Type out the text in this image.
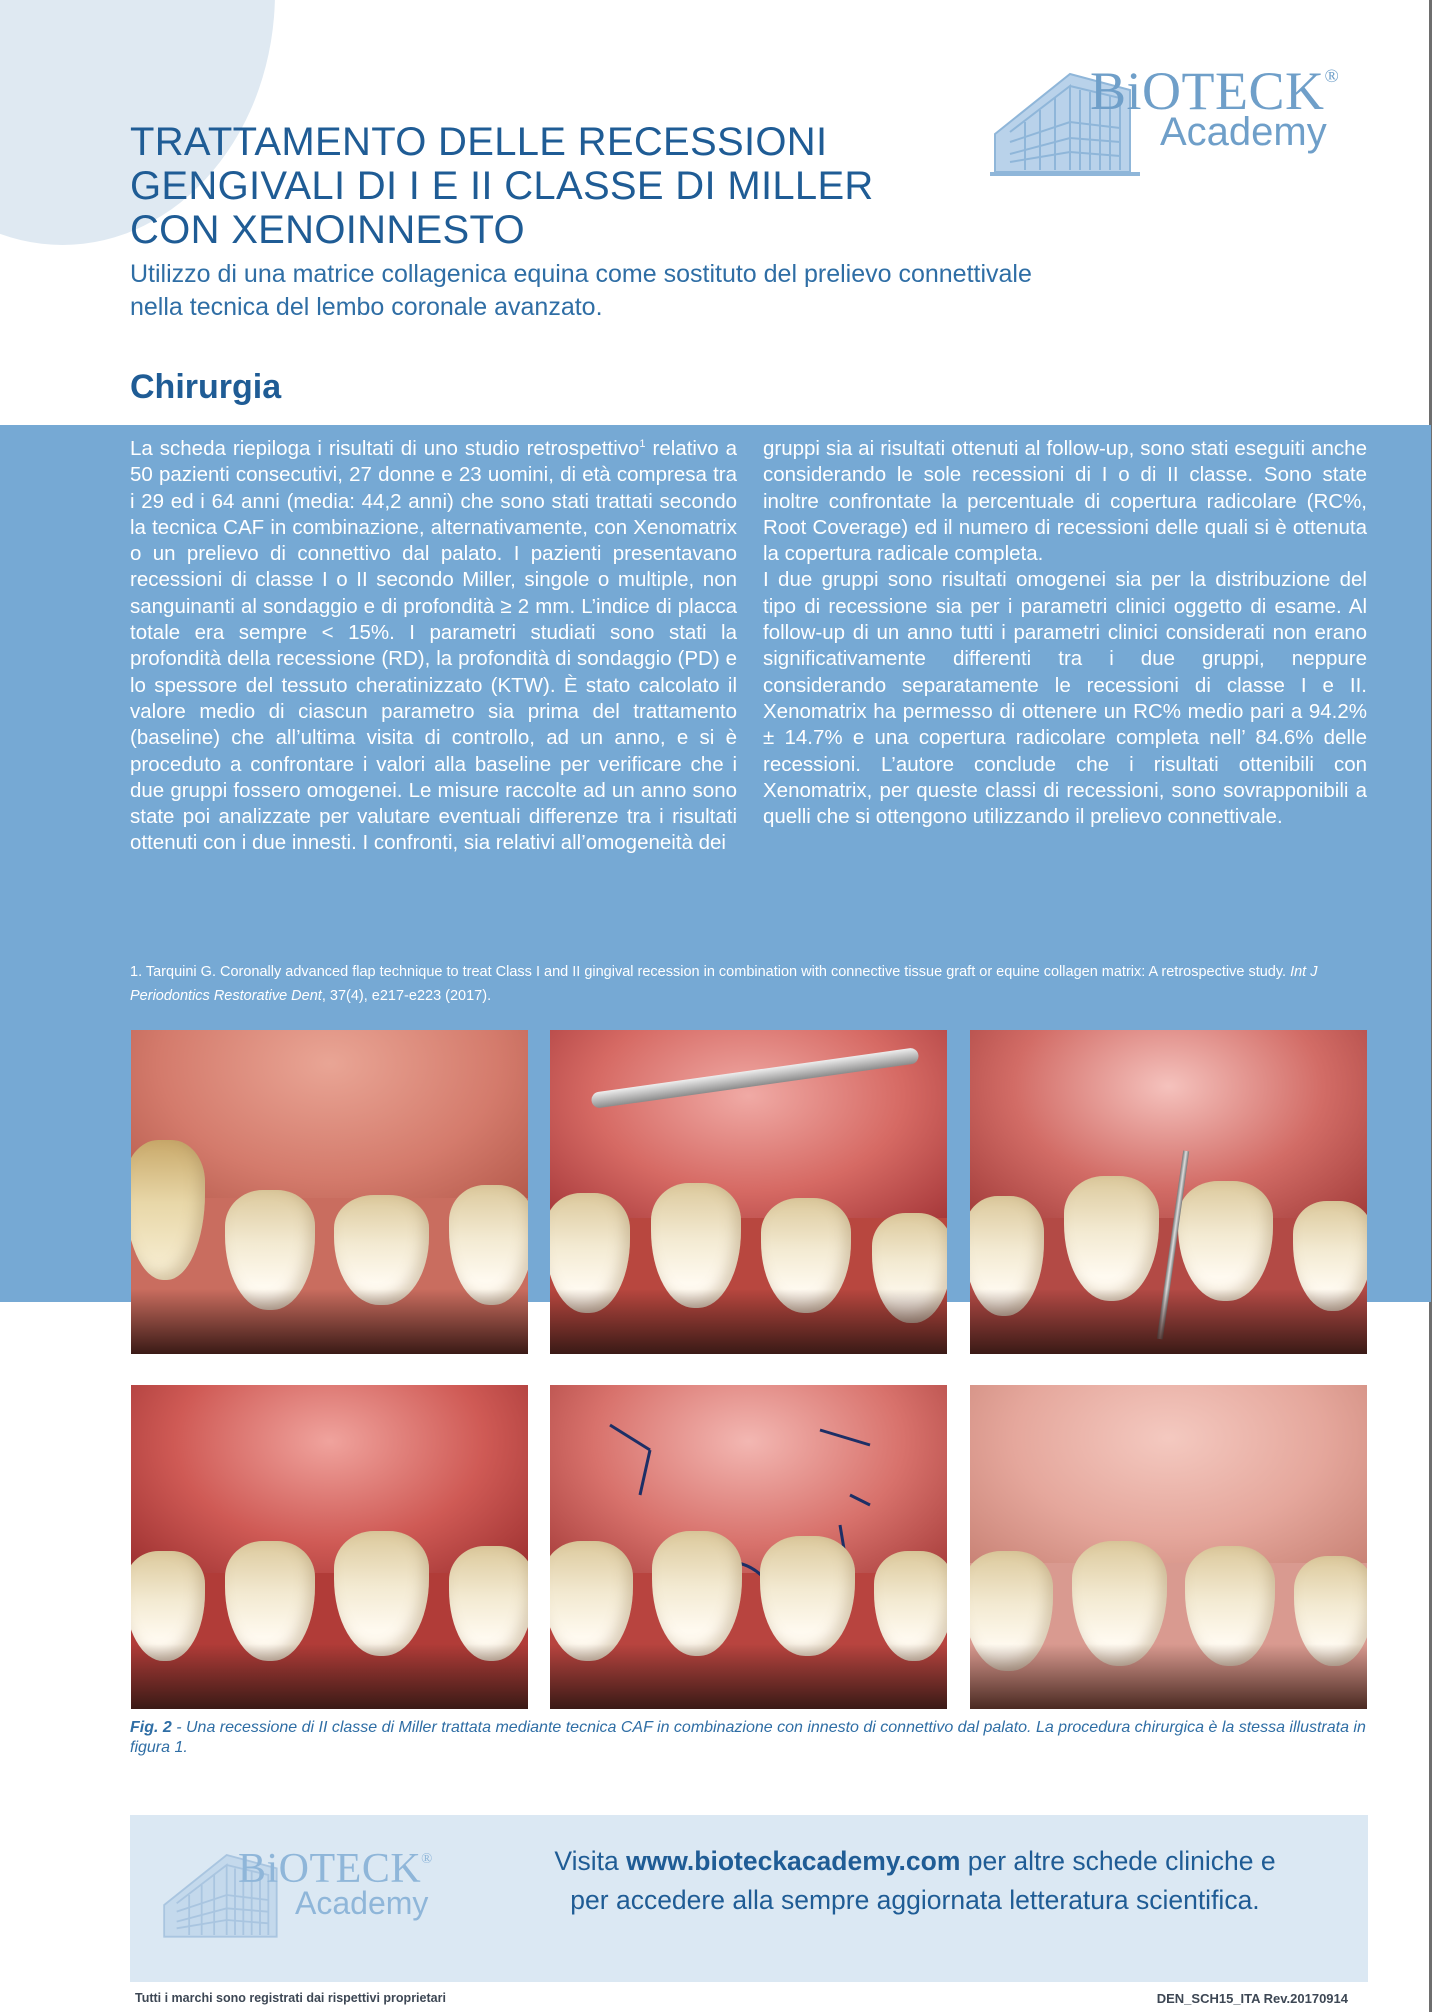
BiOTECK®
Academy
TRATTAMENTO DELLE RECESSIONI
GENGIVALI DI I E II CLASSE DI MILLER
CON XENOINNESTO

Utilizzo di una matrice collagenica equina come sostituto del prelievo connettivale
nella tecnica del lembo coronale avanzato.

Chirurgia

La scheda riepiloga i risultati di uno studio retrospettivo$^1$ relativo a 50 pazienti consecutivi, 27 donne e 23 uomini, di età compresa tra i 29 ed i 64 anni (media: 44,2 anni) che sono stati trattati secondo la tecnica CAF in combinazione, alternativamente, con Xenomatrix o un prelievo di connettivo dal palato. I pazienti presentavano recessioni di classe I o II secondo Miller, singole o multiple, non sanguinanti al sondaggio e di profondità ≥ 2 mm. L’indice di placca totale era sempre < 15%. I parametri studiati sono stati la profondità della recessione (RD), la profondità di sondaggio (PD) e lo spessore del tessuto cheratinizzato (KTW). È stato calcolato il valore medio di ciascun parametro sia prima del trattamento (baseline) che all’ultima visita di controllo, ad un anno, e si è proceduto a confrontare i valori alla baseline per verificare che i due gruppi fossero omogenei. Le misure raccolte ad un anno sono state poi analizzate per valutare eventuali differenze tra i risultati ottenuti con i due innesti. I confronti, sia relativi all’omogeneità dei

gruppi sia ai risultati ottenuti al follow-up, sono stati eseguiti anche considerando le sole recessioni di I o di II classe. Sono state inoltre confrontate la percentuale di copertura radicolare (RC%, Root Coverage) ed il numero di recessioni delle quali si è ottenuta la copertura radicale completa.
I due gruppi sono risultati omogenei sia per la distribuzione del tipo di recessione sia per i parametri clinici oggetto di esame. Al follow-up di un anno tutti i parametri clinici considerati non erano significativamente differenti tra i due gruppi, neppure considerando separatamente le recessioni di classe I e II. Xenomatrix ha permesso di ottenere un RC% medio pari a 94.2% ± 14.7% e una copertura radicolare completa nell’ 84.6% delle recessioni. L’autore conclude che i risultati ottenibili con Xenomatrix, per queste classi di recessioni, sono sovrapponibili a quelli che si ottengono utilizzando il prelievo connettivale.

1. Tarquini G. Coronally advanced flap technique to treat Class I and II gingival recession in combination with connective tissue graft or equine collagen matrix: A retrospective study. Int J Periodontics Restorative Dent, 37(4), e217-e223 (2017).

Fig. 2 - Una recessione di II classe di Miller trattata mediante tecnica CAF in combinazione con innesto di connettivo dal palato. La procedura chirurgica è la stessa illustrata in figura 1.

BiOTECK®
Academy

Visita www.bioteckacademy.com per altre schede cliniche e
per accedere alla sempre aggiornata letteratura scientifica.

Tutti i marchi sono registrati dai rispettivi proprietari	DEN_SCH15_ITA Rev.20170914
